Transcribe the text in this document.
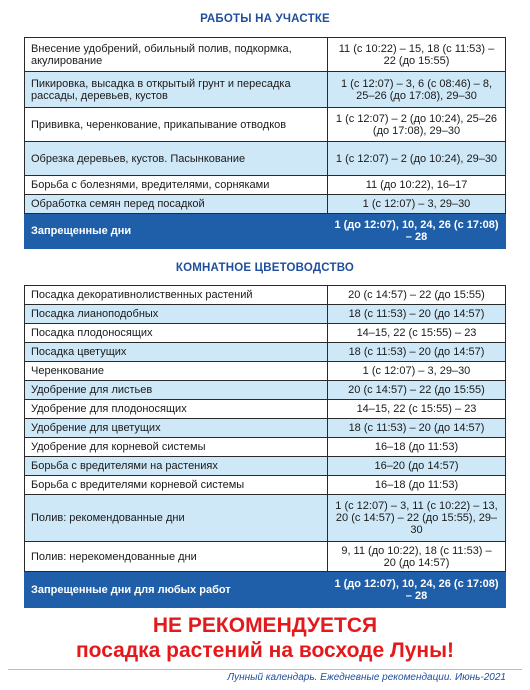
РАБОТЫ НА УЧАСТКЕ
Внесение удобрений, обильный полив, подкормка, акулирование	11 (с 10:22) – 15, 18 (с 11:53) – 22 (до 15:55)
Пикировка, высадка в открытый грунт и пересадка рассады, деревьев, кустов	1 (с 12:07) – 3, 6 (с 08:46) – 8, 25–26 (до 17:08), 29–30
Прививка, черенкование, прикапывание отводков	1 (с 12:07) – 2 (до 10:24), 25–26 (до 17:08), 29–30
Обрезка деревьев, кустов. Пасынкование	1 (с 12:07) – 2 (до 10:24), 29–30
Борьба с болезнями, вредителями, сорняками	11 (до 10:22), 16–17
Обработка семян перед посадкой	1 (с 12:07) – 3, 29–30
Запрещенные дни	1 (до 12:07), 10, 24, 26 (с 17:08) – 28
КОМНАТНОЕ ЦВЕТОВОДСТВО
Посадка декоративнолиственных растений	20 (с 14:57) – 22 (до 15:55)
Посадка лианоподобных	18 (с 11:53) – 20 (до 14:57)
Посадка плодоносящих	14–15, 22 (с 15:55) – 23
Посадка цветущих	18 (с 11:53) – 20 (до 14:57)
Черенкование	1 (с 12:07) – 3, 29–30
Удобрение для листьев	20 (с 14:57) – 22 (до 15:55)
Удобрение для плодоносящих	14–15, 22 (с 15:55) – 23
Удобрение для цветущих	18 (с 11:53) – 20 (до 14:57)
Удобрение для корневой системы	16–18 (до 11:53)
Борьба с вредителями на растениях	16–20 (до 14:57)
Борьба с вредителями корневой системы	16–18 (до 11:53)
Полив: рекомендованные дни	1 (с 12:07) – 3, 11 (с 10:22) – 13, 20 (с 14:57) – 22 (до 15:55), 29–30
Полив: нерекомендованные дни	9, 11 (до 10:22), 18 (с 11:53) – 20 (до 14:57)
Запрещенные дни для любых работ	1 (до 12:07), 10, 24, 26 (с 17:08) – 28
НЕ РЕКОМЕНДУЕТСЯ
посадка растений на восходе Луны!
Лунный календарь. Ежедневные рекомендации. Июнь-2021
